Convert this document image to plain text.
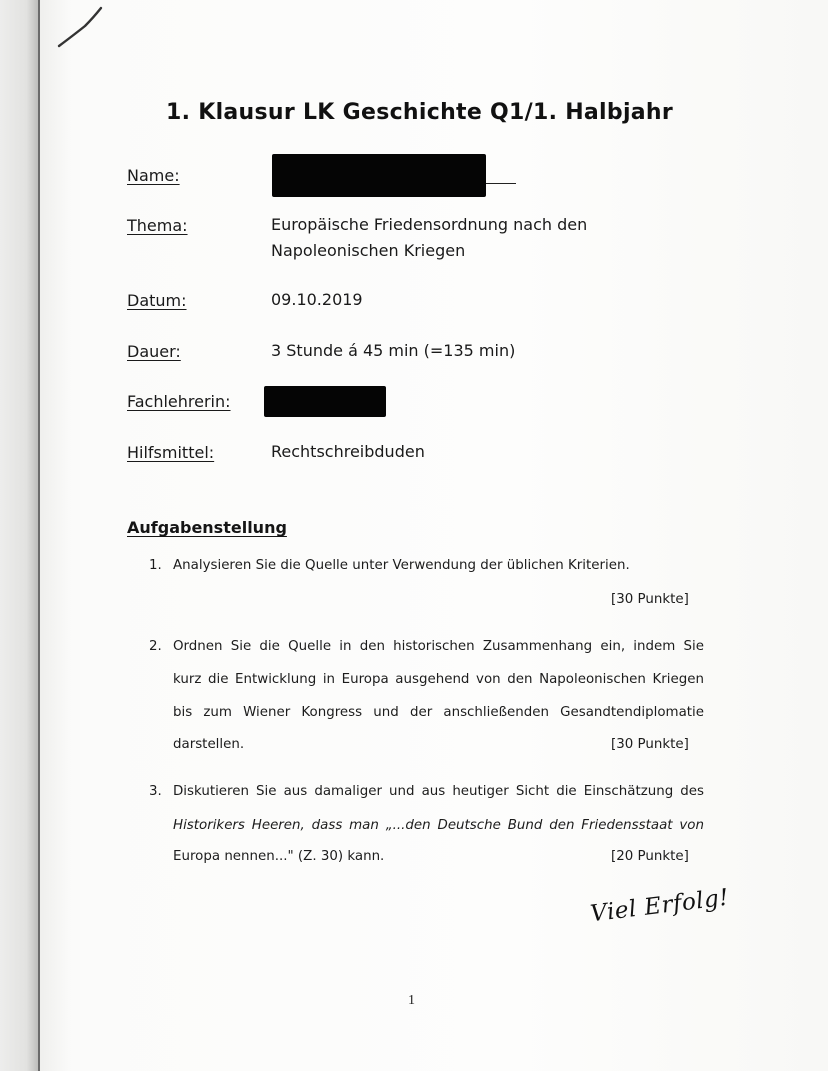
1. Klausur LK Geschichte Q1/1. Halbjahr
Name:
Thema:	Europäische Friedensordnung nach den
Napoleonischen Kriegen
Datum:	09.10.2019
Dauer:	3 Stunde á 45 min (=135 min)
Fachlehrerin:
Hilfsmittel:	Rechtschreibduden
Aufgabenstellung
1. Analysieren Sie die Quelle unter Verwendung der üblichen Kriterien.
[30 Punkte]
2. Ordnen Sie die Quelle in den historischen Zusammenhang ein, indem Sie
kurz die Entwicklung in Europa ausgehend von den Napoleonischen Kriegen
bis zum Wiener Kongress und der anschließenden Gesandtendiplomatie
darstellen.	[30 Punkte]
3. Diskutieren Sie aus damaliger und aus heutiger Sicht die Einschätzung des
Historikers Heeren, dass man „...den Deutsche Bund den Friedensstaat von
Europa nennen..." (Z. 30) kann.	[20 Punkte]
Viel Erfolg!
1
